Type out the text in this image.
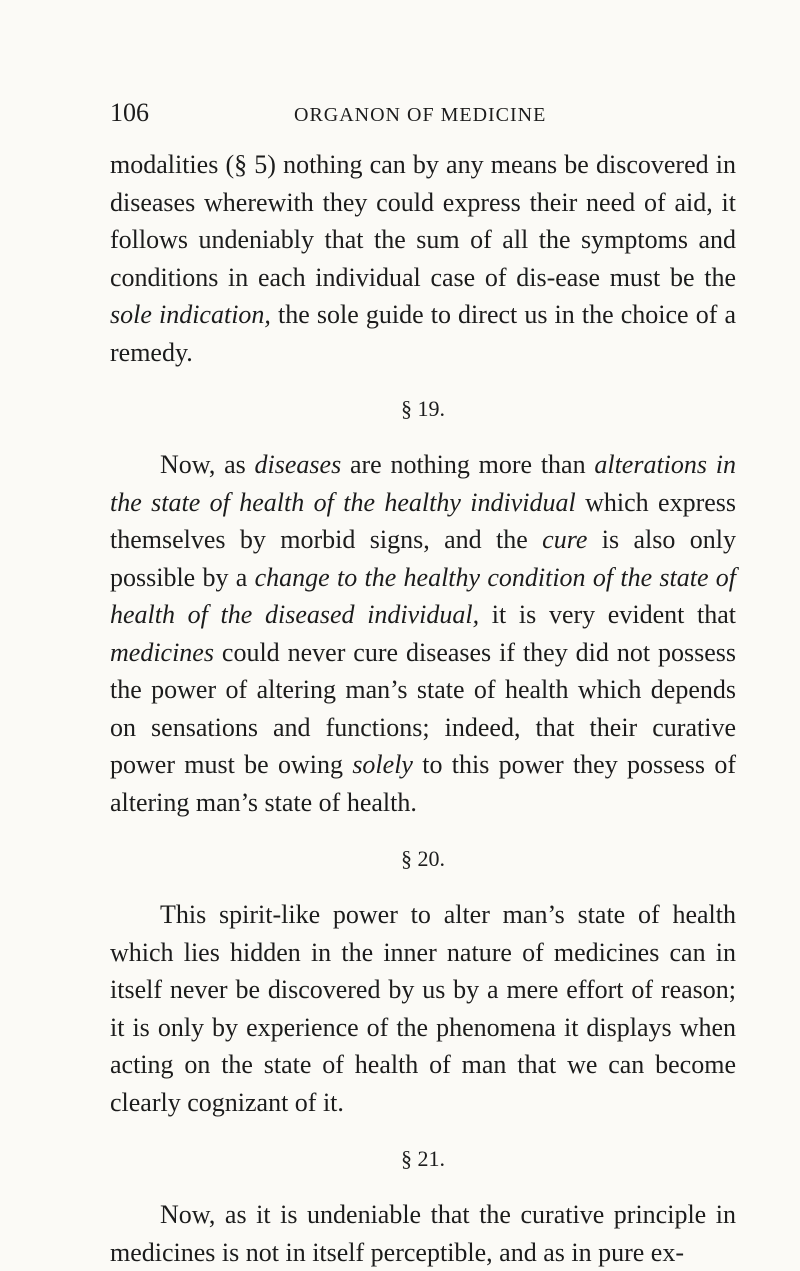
106	ORGANON OF MEDICINE

modalities (§ 5) nothing can by any means be discovered in diseases wherewith they could express their need of aid, it follows undeniably that the sum of all the symptoms and conditions in each individual case of dis-ease must be the sole indication, the sole guide to direct us in the choice of a remedy.

§ 19.

Now, as diseases are nothing more than alterations in the state of health of the healthy individual which express themselves by morbid signs, and the cure is also only possible by a change to the healthy condition of the state of health of the diseased individual, it is very evident that medicines could never cure diseases if they did not possess the power of altering man’s state of health which depends on sensations and functions; indeed, that their curative power must be owing solely to this power they possess of altering man’s state of health.

§ 20.

This spirit-like power to alter man’s state of health which lies hidden in the inner nature of medicines can in itself never be discovered by us by a mere effort of reason; it is only by experience of the phenomena it displays when acting on the state of health of man that we can become clearly cognizant of it.

§ 21.

Now, as it is undeniable that the curative principle in medicines is not in itself perceptible, and as in pure ex-
